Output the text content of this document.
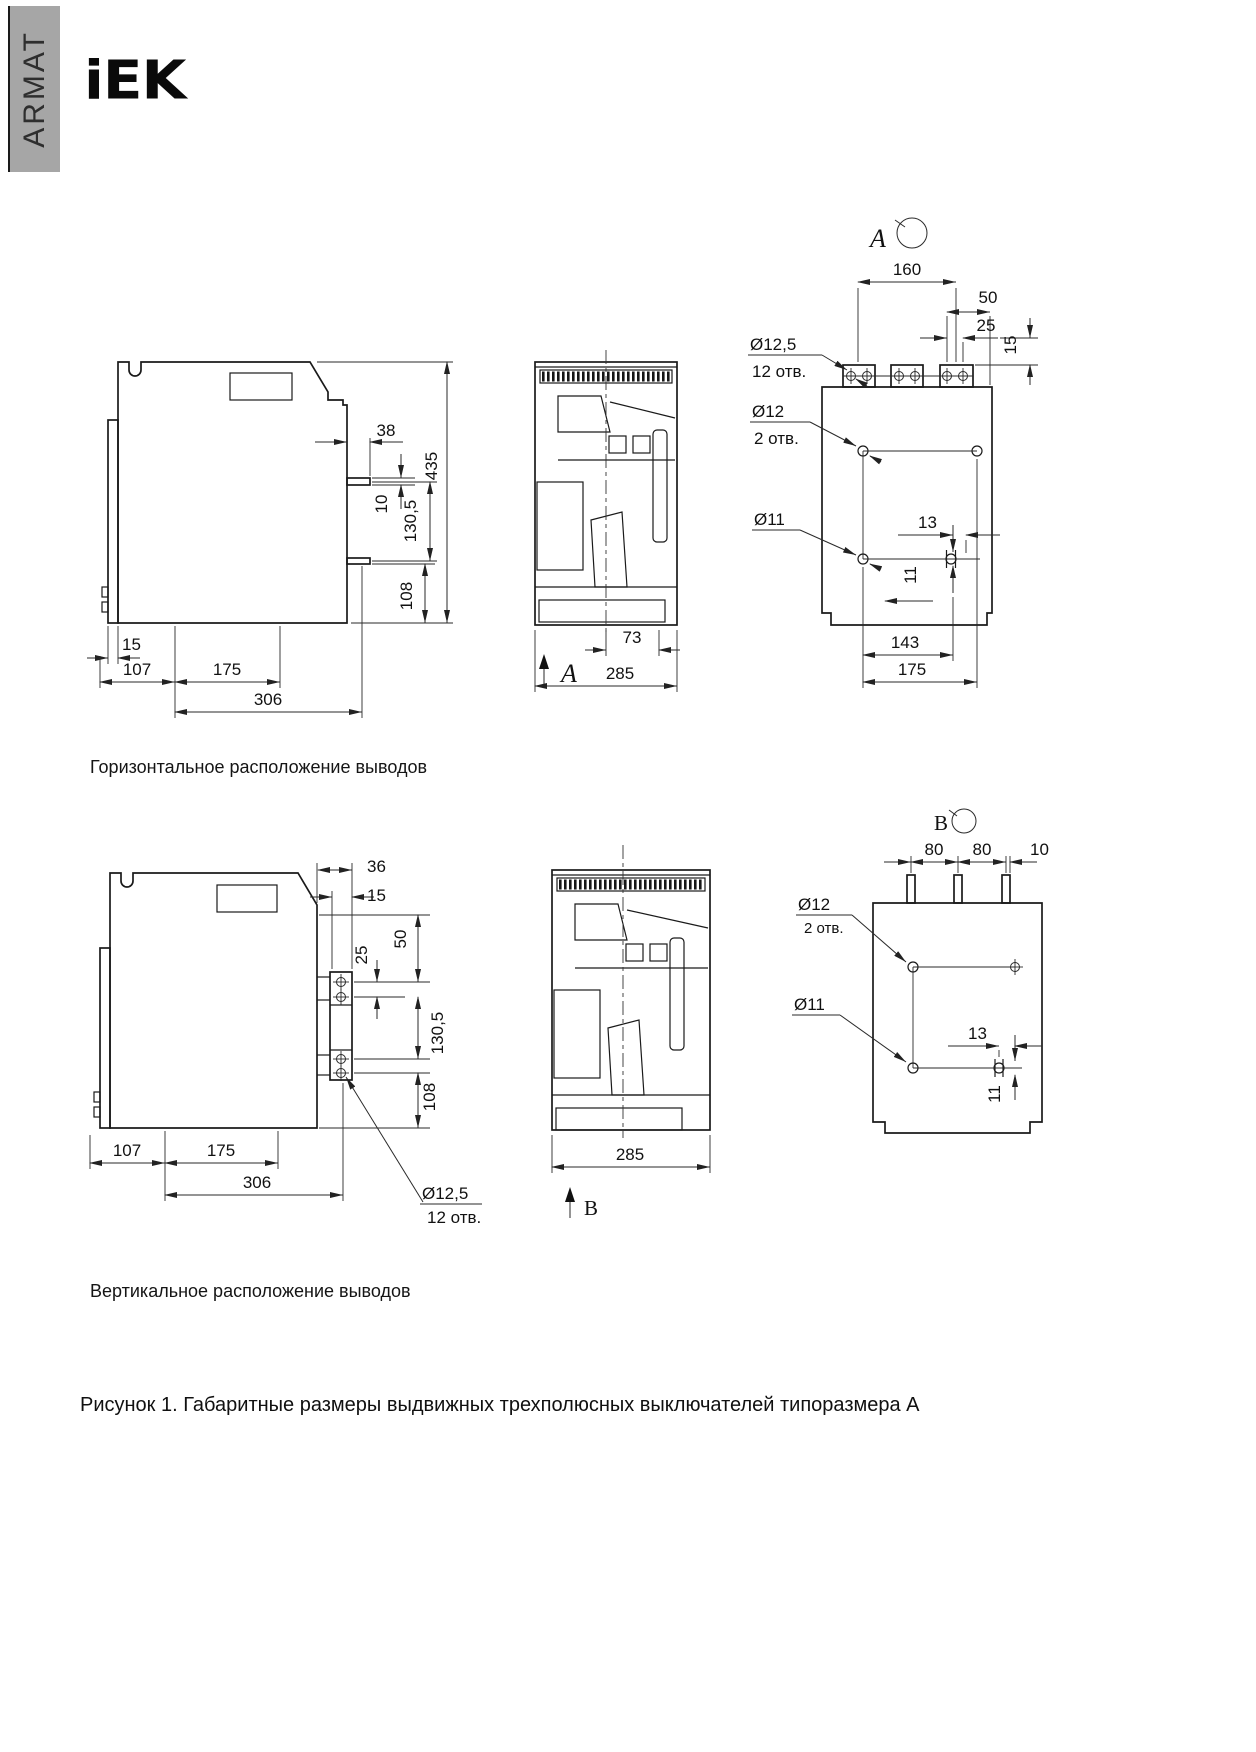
ARMAT iEK
38
10 130,5
435
108
15
107	175
306
73
A 285
A
160
50
25
15
Ø12,5
12 отв.
Ø12
2 отв.
Ø11	13
11
143
175
Горизонтальное расположение выводов
36
15
50
25
130,5
108
107	175
306
Ø12,5
12 отв.
285
В
В
80 80 10
Ø12
2 отв.
Ø11
13
11
Вертикальное расположение выводов
Рисунок 1. Габаритные размеры выдвижных трехполюсных выключателей типоразмера А
